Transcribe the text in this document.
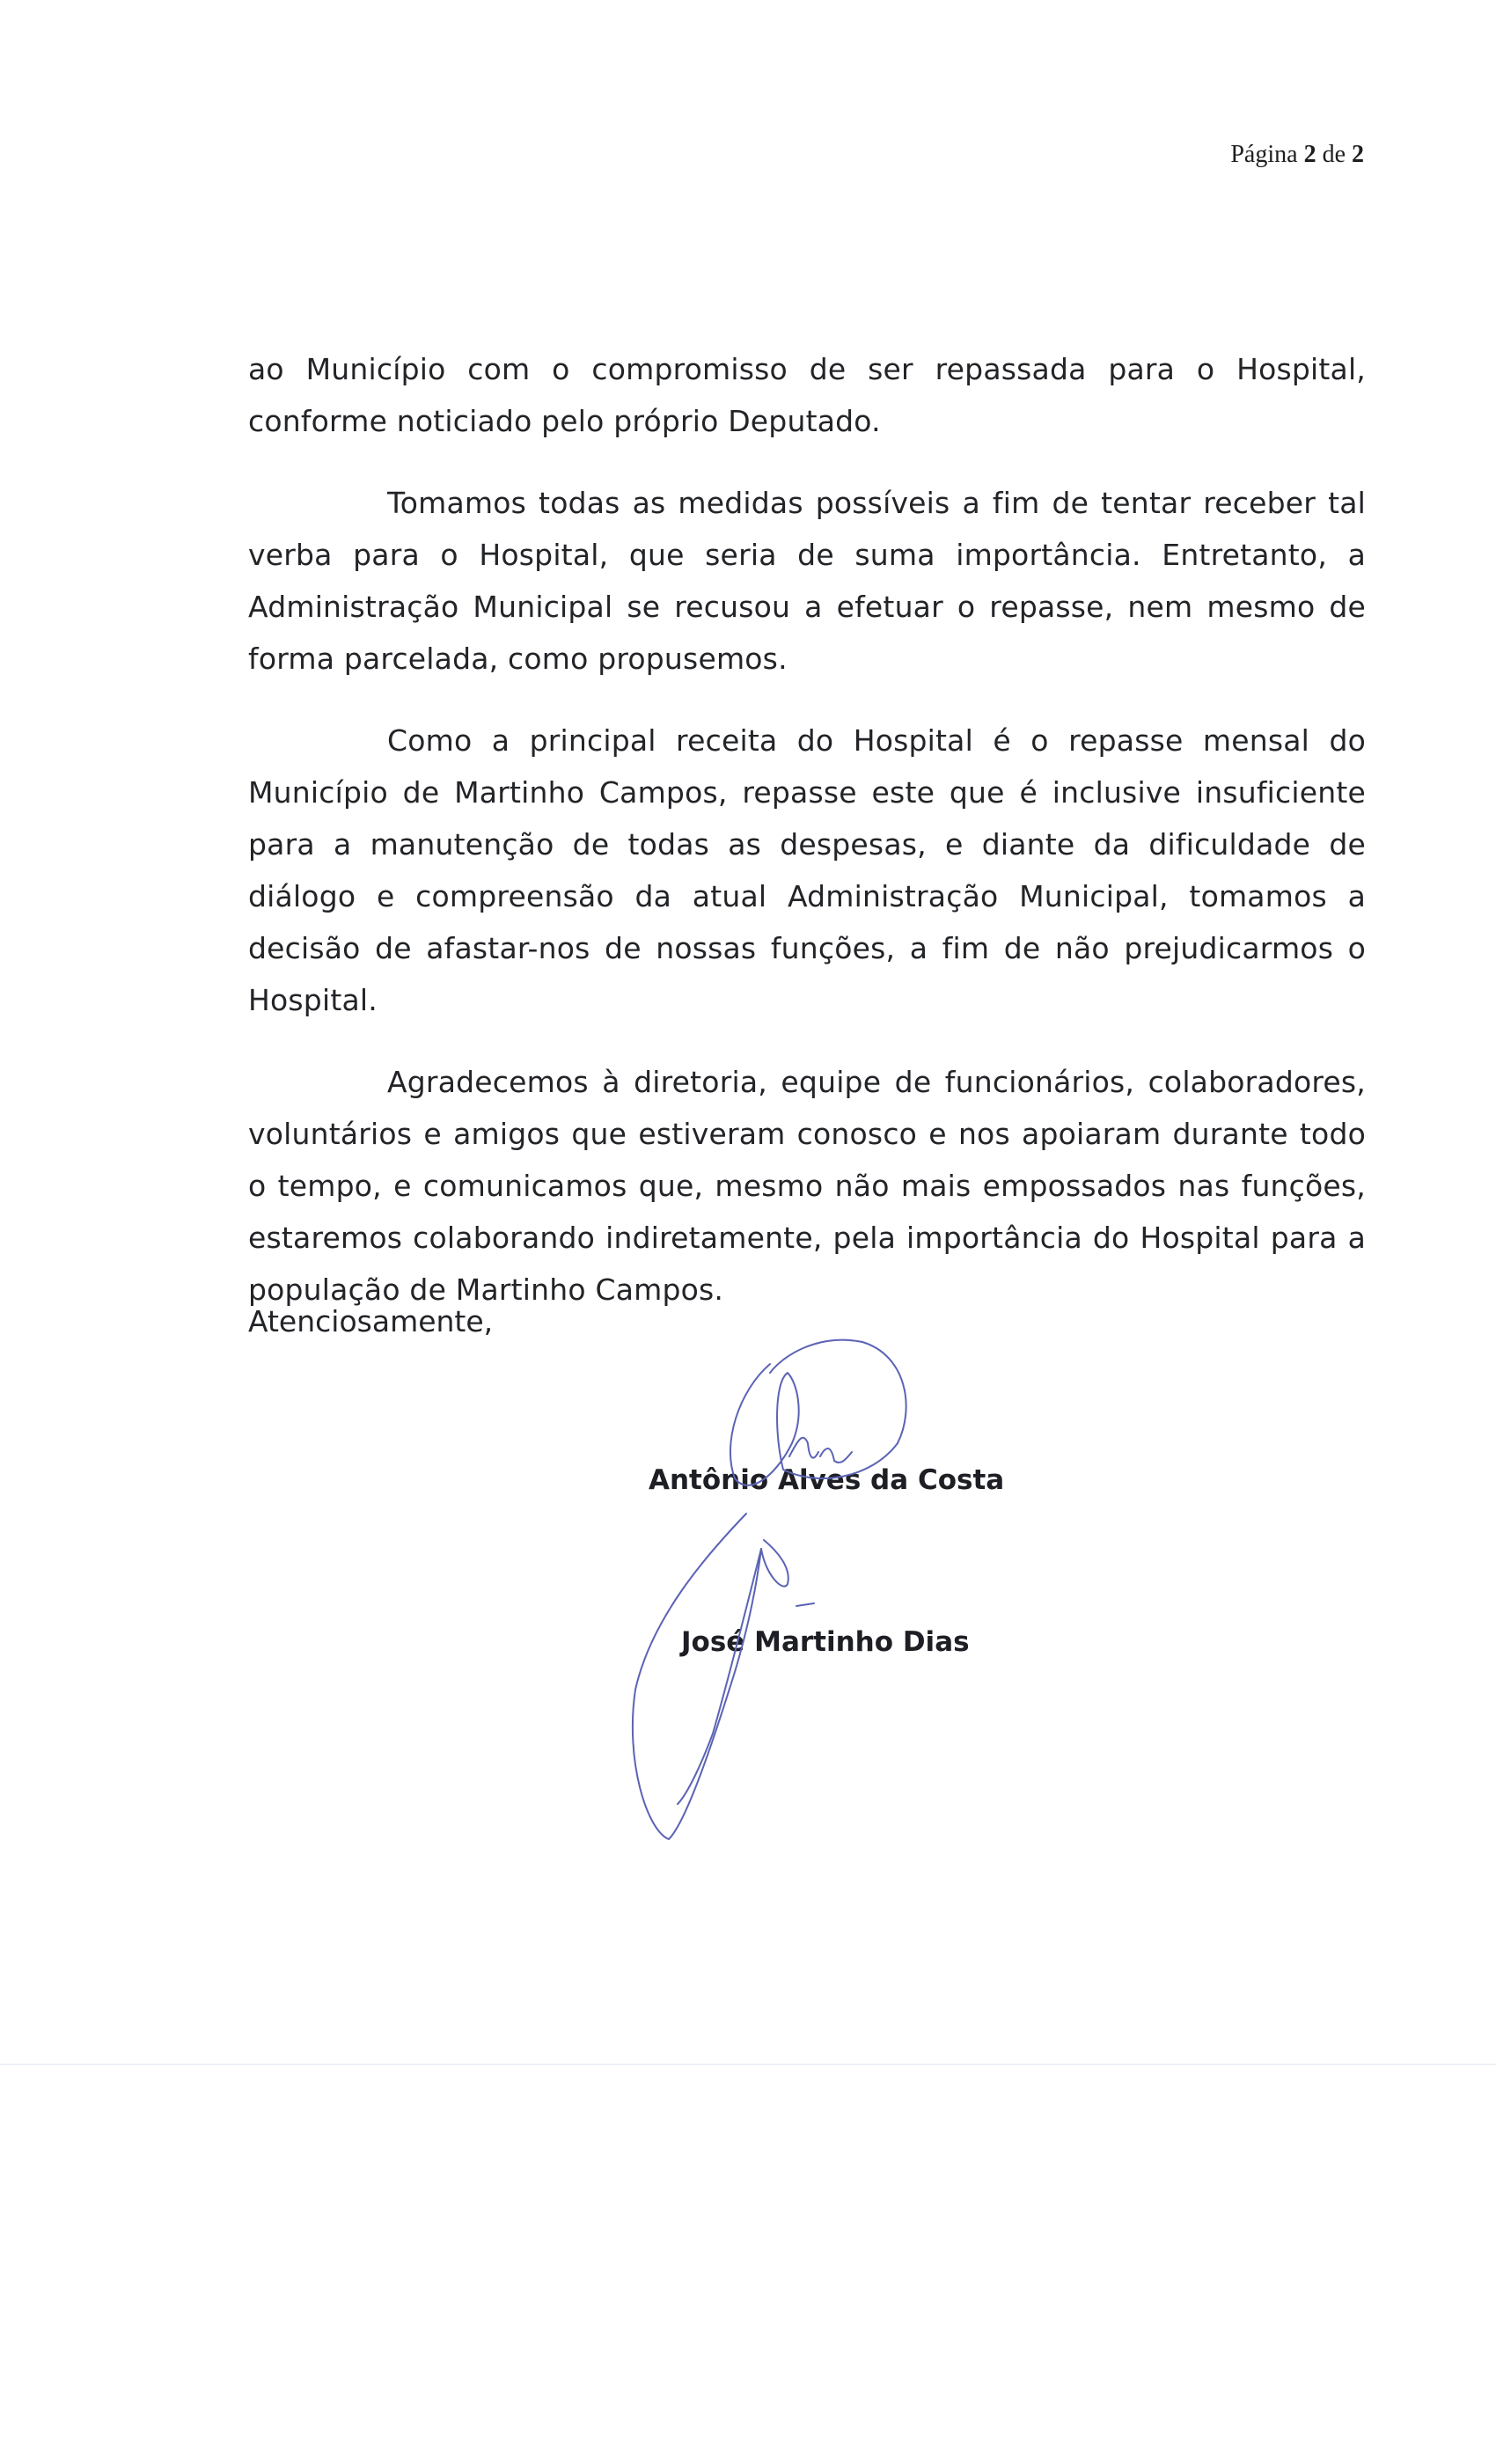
Página 2 de 2

ao Município com o compromisso de ser repassada para o Hospital, conforme noticiado pelo próprio Deputado.

Tomamos todas as medidas possíveis a fim de tentar receber tal verba para o Hospital, que seria de suma importância. Entretanto, a Administração Municipal se recusou a efetuar o repasse, nem mesmo de forma parcelada, como propusemos.

Como a principal receita do Hospital é o repasse mensal do Município de Martinho Campos, repasse este que é inclusive insuficiente para a manutenção de todas as despesas, e diante da dificuldade de diálogo e compreensão da atual Administração Municipal, tomamos a decisão de afastar-nos de nossas funções, a fim de não prejudicarmos o Hospital.

Agradecemos à diretoria, equipe de funcionários, colaboradores, voluntários e amigos que estiveram conosco e nos apoiaram durante todo o tempo, e comunicamos que, mesmo não mais empossados nas funções, estaremos colaborando indiretamente, pela importância do Hospital para a população de Martinho Campos.

Atenciosamente,
Antônio Alves da Costa
José Martinho Dias
